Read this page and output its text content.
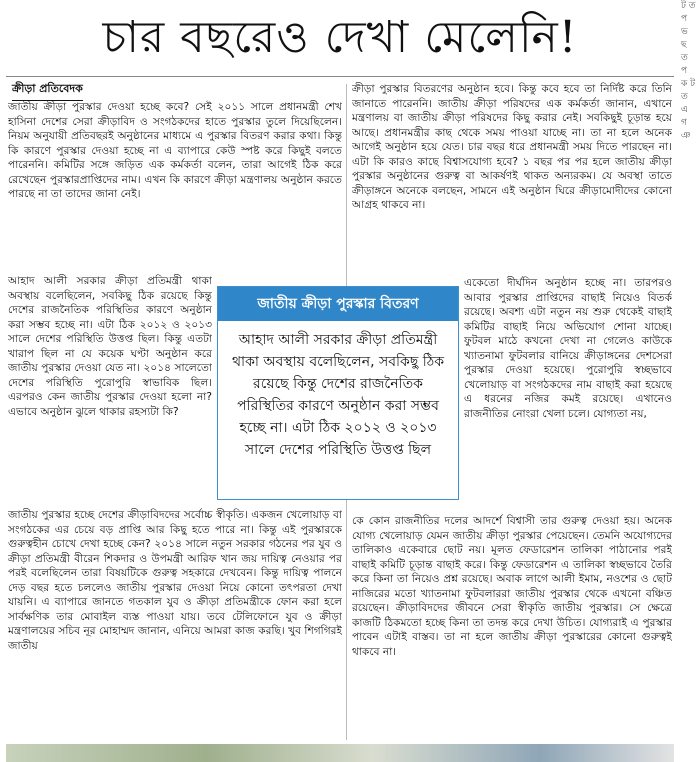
চার বছরেও দেখা মেলেনি!
ক্রীড়া প্রতিবেদক

জাতীয় ক্রীড়া পুরস্কার দেওয়া হচ্ছে কবে? সেই ২০১১ সালে প্রধানমন্ত্রী শেখ হাসিনা দেশের সেরা ক্রীড়াবিদ ও সংগঠকদের হাতে পুরস্কার তুলে দিয়েছিলেন। নিয়ম অনুযায়ী প্রতিবছরই অনুষ্ঠানের মাধ্যমে এ পুরস্কার বিতরণ করার কথা। কিন্তু কি কারণে পুরস্কার দেওয়া হচ্ছে না এ ব্যাপারে কেউ স্পষ্ট করে কিছুই বলতে পারেননি। কমিটির সঙ্গে জড়িত এক কর্মকর্তা বলেন, তারা আগেই ঠিক করে রেখেছেন পুরস্কারপ্রাপ্তিদের নাম। এখন কি কারণে ক্রীড়া মন্ত্রণালয় অনুষ্ঠান করতে পারছে না তা তাদের জানা নেই।

আহাদ আলী সরকার ক্রীড়া প্রতিমন্ত্রী থাকা অবস্থায় বলেছিলেন, সবকিছু ঠিক রয়েছে কিন্তু দেশের রাজনৈতিক পরিস্থিতির কারণে অনুষ্ঠান করা সম্ভব হচ্ছে না। এটা ঠিক ২০১২ ও ২০১৩ সালে দেশের পরিস্থিতি উত্তপ্ত ছিল। কিন্তু এতটা খারাপ ছিল না যে কয়েক ঘণ্টা অনুষ্ঠান করে জাতীয় পুরস্কার দেওয়া যেত না। ২০১৪ সালেতো দেশের পরিস্থিতি পুরোপুরি স্বাভাবিক ছিল। এরপরও কেন জাতীয় পুরস্কার দেওয়া হলো না? এভাবে অনুষ্ঠান ঝুলে থাকার রহস্যটা কি?

জাতীয় পুরস্কার হচ্ছে দেশের ক্রীড়াবিদদের সর্বোচ্চ স্বীকৃতি। একজন খেলোয়াড় বা সংগঠকের এর চেয়ে বড় প্রাপ্তি আর কিছু হতে পারে না। কিন্তু এই পুরস্কারকে গুরুত্বহীন চোখে দেখা হচ্ছে কেন? ২০১৪ সালে নতুন সরকার গঠনের পর যুব ও ক্রীড়া প্রতিমন্ত্রী বীরেন শিকদার ও উপমন্ত্রী আরিফ খান জয় দায়িত্ব নেওয়ার পর পরই বলেছিলেন তারা বিষয়টিকে গুরুত্ব সহকারে দেখবেন। কিন্তু দায়িত্ব পালনে দেড় বছর হতে চললেও জাতীয় পুরস্কার দেওয়া নিয়ে কোনো তৎপরতা দেখা যায়নি। এ ব্যাপারে জানতে গতকাল যুব ও ক্রীড়া প্রতিমন্ত্রীকে ফোন করা হলে সার্বক্ষণিক তার মোবাইল ব্যস্ত পাওয়া যায়। তবে টেলিফোনে যুব ও ক্রীড়া মন্ত্রণালয়ের সচিব নূর মোহাম্মদ জানান, এনিয়ে আমরা কাজ করছি। খুব শিগগিরই জাতীয়

ক্রীড়া পুরস্কার বিতরণের অনুষ্ঠান হবে। কিন্তু কবে হবে তা নির্দিষ্ট করে তিনি জানাতে পারেননি। জাতীয় ক্রীড়া পরিষদের এক কর্মকর্তা জানান, এখানে মন্ত্রণালয় বা জাতীয় ক্রীড়া পরিষদের কিছু করার নেই। সবকিছুই চূড়ান্ত হয়ে আছে। প্রধানমন্ত্রীর কাছ থেকে সময় পাওয়া যাচ্ছে না। তা না হলে অনেক আগেই অনুষ্ঠান হয়ে যেত। চার বছর ধরে প্রধানমন্ত্রী সময় দিতে পারছেন না। এটা কি কারও কাছে বিশ্বাসযোগ্য হবে? ১ বছর পর পর হলে জাতীয় ক্রীড়া পুরস্কার অনুষ্ঠানের গুরুত্ব বা আকর্ষণই থাকত অন্যরকম। যে অবস্থা তাতে ক্রীড়াঙ্গনে অনেকে বলছেন, সামনে এই অনুষ্ঠান ঘিরে ক্রীড়ামোদীদের কোনো আগ্রহ থাকবে না।

একেতো দীর্ঘদিন অনুষ্ঠান হচ্ছে না। তারপরও আবার পুরস্কার প্রাপ্তিদের বাছাই নিয়েও বিতর্ক রয়েছে। অবশ্য এটা নতুন নয় শুরু থেকেই বাছাই কমিটির বাছাই নিয়ে অভিযোগ শোনা যাচ্ছে। ফুটবল মাঠে কখনো দেখা না গেলেও কাউকে খ্যাতনামা ফুটবলার বানিয়ে ক্রীড়াঙ্গনের দেশসেরা পুরস্কার দেওয়া হয়েছে। পুরোপুরি স্বচ্ছভাবে খেলোয়াড় বা সংগঠকদের নাম বাছাই করা হয়েছে এ ধরনের নজির কমই রয়েছে। এখানেও রাজনীতির নোংরা খেলা চলে। যোগ্যতা নয়,

কে কোন রাজনীতির দলের আদর্শে বিশ্বাসী তার গুরুত্ব দেওয়া হয়। অনেক যোগ্য খেলোয়াড় যেমন জাতীয় ক্রীড়া পুরস্কার পেয়েছেন। তেমনি অযোগ্যদের তালিকাও একেবারে ছোট নয়। মূলত ফেডারেশন তালিকা পাঠানোর পরই বাছাই কমিটি চূড়ান্ত বাছাই করে। কিন্তু ফেডারেশন এ তালিকা স্বচ্ছভাবে তৈরি করে কিনা তা নিয়েও প্রশ্ন রয়েছে। অবাক লাগে আলী ইমাম, নওশের ও ছোট নাজিরের মতো খ্যাতনামা ফুটবলাররা জাতীয় পুরস্কার থেকে এখনো বঞ্চিত রয়েছেন। ক্রীড়াবিদদের জীবনে সেরা স্বীকৃতি জাতীয় পুরস্কার। সে ক্ষেত্রে কাজটি ঠিকমতো হচ্ছে কিনা তা তদন্ত করে দেখা উচিত। যোগ্যরাই এ পুরস্কার পাবেন এটাই বাস্তব। তা না হলে জাতীয় ক্রীড়া পুরস্কারের কোনো গুরুত্বই থাকবে না।

জাতীয় ক্রীড়া পুরস্কার বিতরণ

আহাদ আলী সরকার ক্রীড়া প্রতিমন্ত্রী থাকা অবস্থায় বলেছিলেন, সবকিছু ঠিক রয়েছে কিন্তু দেশের রাজনৈতিক পরিস্থিতির কারণে অনুষ্ঠান করা সম্ভব হচ্ছে না। এটা ঠিক ২০১২ ও ২০১৩ সালে দেশের পরিস্থিতি উত্তপ্ত ছিল

ট ত প ভ ছ ত প ক ট ত এ গ ঞ
